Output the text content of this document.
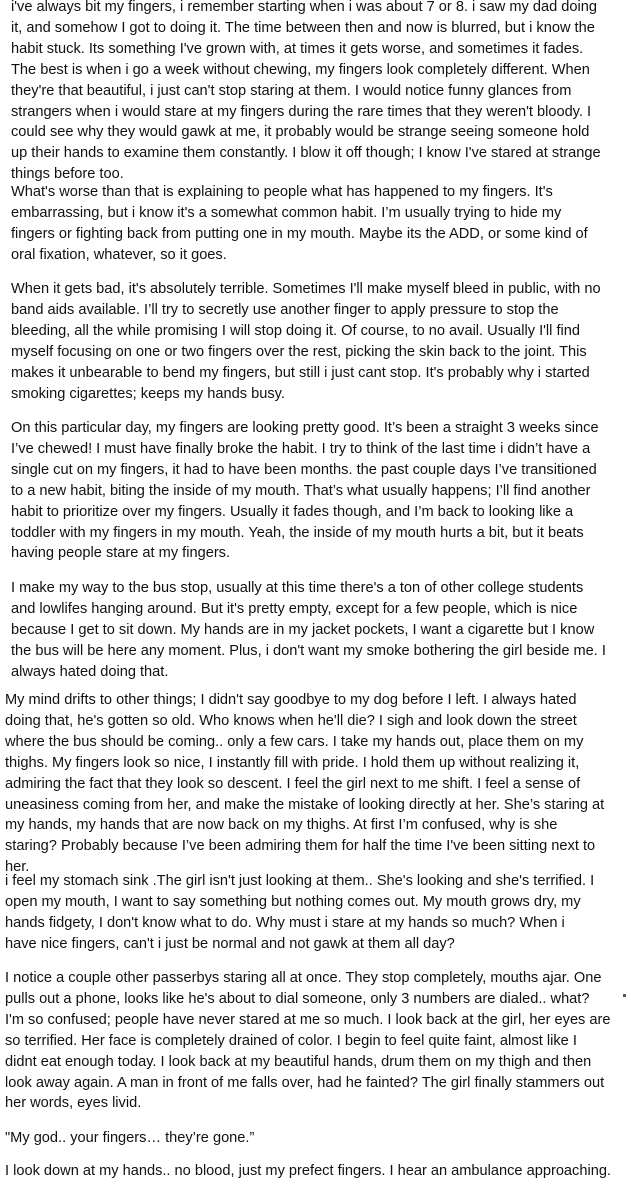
i've always bit my fingers, i remember starting when i was about 7 or 8. i saw my dad doing it, and somehow I got to doing it. The time between then and now is blurred, but i know the habit stuck. Its something I've grown with, at times it gets worse, and sometimes it fades. The best is when i go a week without chewing, my fingers look completely different. When they're that beautiful, i just can't stop staring at them. I would notice funny glances from strangers when i would stare at my fingers during the rare times that they weren't bloody. I could see why they would gawk at me, it probably would be strange seeing someone hold up their hands to examine them constantly. I blow it off though; I know I've stared at strange things before too.

What's worse than that is explaining to people what has happened to my fingers. It's embarrassing, but i know it's a somewhat common habit. I’m usually trying to hide my fingers or fighting back from putting one in my mouth. Maybe its the ADD, or some kind of oral fixation, whatever, so it goes.

When it gets bad, it's absolutely terrible. Sometimes I'll make myself bleed in public, with no band aids available. I’ll try to secretly use another finger to apply pressure to stop the bleeding, all the while promising I will stop doing it. Of course, to no avail. Usually I'll find myself focusing on one or two fingers over the rest, picking the skin back to the joint. This makes it unbearable to bend my fingers, but still i just cant stop. It's probably why i started smoking cigarettes; keeps my hands busy.

On this particular day, my fingers are looking pretty good. It’s been a straight 3 weeks since I’ve chewed! I must have finally broke the habit. I try to think of the last time i didn’t have a single cut on my fingers, it had to have been months. the past couple days I’ve transitioned to a new habit, biting the inside of my mouth. That’s what usually happens; I’ll find another habit to prioritize over my fingers. Usually it fades though, and I’m back to looking like a toddler with my fingers in my mouth. Yeah, the inside of my mouth hurts a bit, but it beats having people stare at my fingers.

I make my way to the bus stop, usually at this time there's a ton of other college students and lowlifes hanging around. But it's pretty empty, except for a few people, which is nice because I get to sit down. My hands are in my jacket pockets, I want a cigarette but I know the bus will be here any moment. Plus, i don't want my smoke bothering the girl beside me. I always hated doing that.

My mind drifts to other things; I didn't say goodbye to my dog before I left. I always hated doing that, he's gotten so old. Who knows when he'll die? I sigh and look down the street where the bus should be coming.. only a few cars. I take my hands out, place them on my thighs. My fingers look so nice, I instantly fill with pride. I hold them up without realizing it, admiring the fact that they look so descent. I feel the girl next to me shift. I feel a sense of uneasiness coming from her, and make the mistake of looking directly at her. She’s staring at my hands, my hands that are now back on my thighs. At first I’m confused, why is she staring? Probably because I’ve been admiring them for half the time I've been sitting next to her.

i feel my stomach sink .The girl isn't just looking at them.. She's looking and she's terrified. I open my mouth, I want to say something but nothing comes out. My mouth grows dry, my hands fidgety, I don't know what to do. Why must i stare at my hands so much? When i have nice fingers, can't i just be normal and not gawk at them all day?

I notice a couple other passerbys staring all at once. They stop completely, mouths ajar. One pulls out a phone, looks like he's about to dial someone, only 3 numbers are dialed.. what? I'm so confused; people have never stared at me so much. I look back at the girl, her eyes are so terrified. Her face is completely drained of color. I begin to feel quite faint, almost like I didnt eat enough today. I look back at my beautiful hands, drum them on my thigh and then look away again. A man in front of me falls over, had he fainted? The girl finally stammers out her words, eyes livid.

"My god.. your fingers… they’re gone.”

I look down at my hands.. no blood, just my prefect fingers. I hear an ambulance approaching.
